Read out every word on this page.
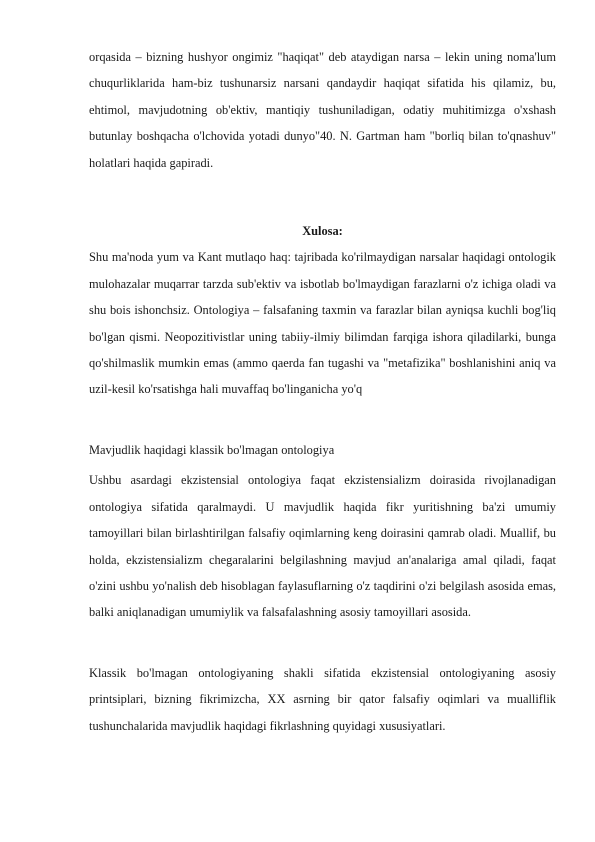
orqasida – bizning hushyor ongimiz "haqiqat" deb ataydigan narsa – lekin uning noma'lum chuqurliklarida ham-biz tushunarsiz narsani qandaydir haqiqat sifatida his qilamiz, bu, ehtimol, mavjudotning ob'ektiv, mantiqiy tushuniladigan, odatiy muhitimizga o'xshash butunlay boshqacha o'lchovida yotadi dunyo"40. N. Gartman ham "borliq bilan to'qnashuv" holatlari haqida gapiradi.

Xulosa:

Shu ma'noda yum va Kant mutlaqo haq: tajribada ko'rilmaydigan narsalar haqidagi ontologik mulohazalar muqarrar tarzda sub'ektiv va isbotlab bo'lmaydigan farazlarni o'z ichiga oladi va shu bois ishonchsiz. Ontologiya – falsafaning taxmin va farazlar bilan ayniqsa kuchli bog'liq bo'lgan qismi. Neopozitivistlar uning tabiiy-ilmiy bilimdan farqiga ishora qiladilarki, bunga qo'shilmaslik mumkin emas (ammo qaerda fan tugashi va "metafizika" boshlanishini aniq va uzil-kesil ko'rsatishga hali muvaffaq bo'linganicha yo'q

Mavjudlik haqidagi klassik bo'lmagan ontologiya

Ushbu asardagi ekzistensial ontologiya faqat ekzistensializm doirasida rivojlanadigan ontologiya sifatida qaralmaydi. U mavjudlik haqida fikr yuritishning ba'zi umumiy tamoyillari bilan birlashtirilgan falsafiy oqimlarning keng doirasini qamrab oladi. Muallif, bu holda, ekzistensializm chegaralarini belgilashning mavjud an'analariga amal qiladi, faqat o'zini ushbu yo'nalish deb hisoblagan faylasuflarning o'z taqdirini o'zi belgilash asosida emas, balki aniqlanadigan umumiylik va falsafalashning asosiy tamoyillari asosida.

Klassik bo'lmagan ontologiyaning shakli sifatida ekzistensial ontologiyaning asosiy printsiplari, bizning fikrimizcha, XX asrning bir qator falsafiy oqimlari va mualliflik tushunchalarida mavjudlik haqidagi fikrlashning quyidagi xususiyatlari.
